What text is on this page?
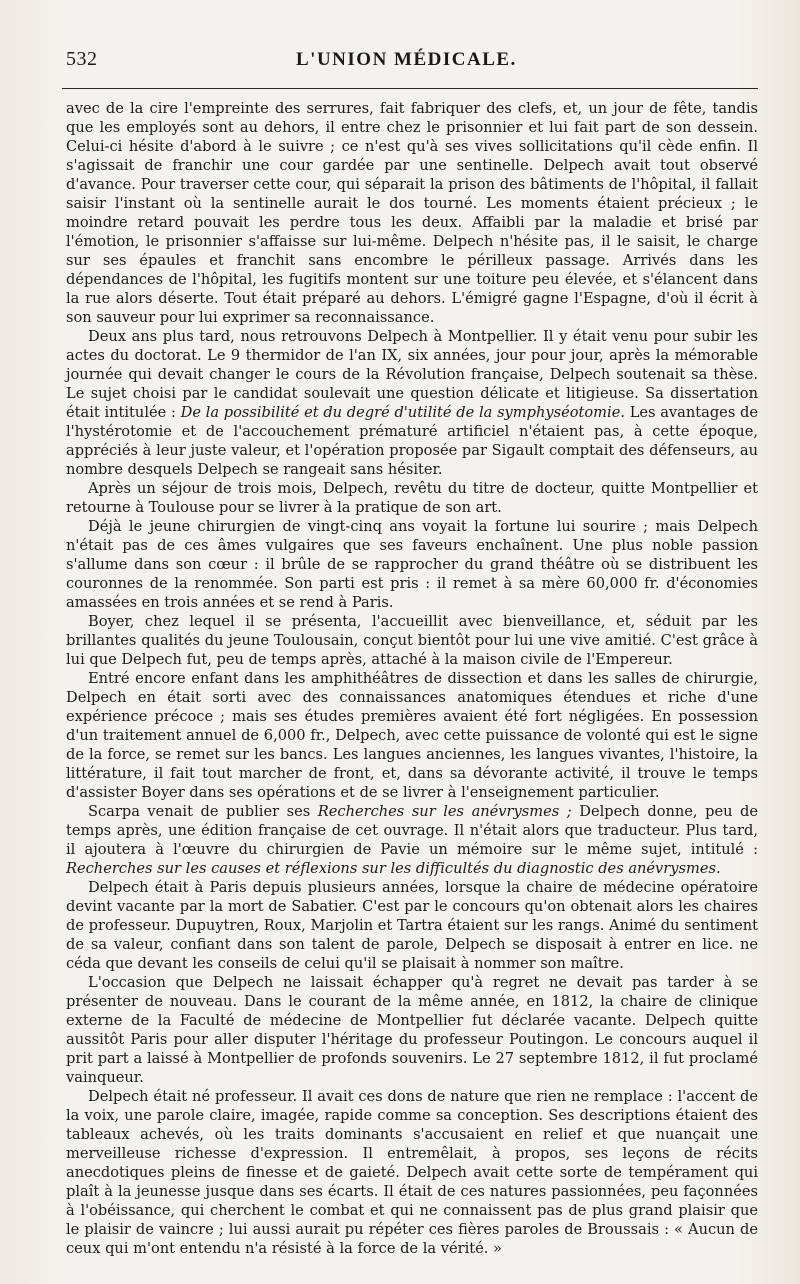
532	L'UNION MÉDICALE.

avec de la cire l'empreinte des serrures, fait fabriquer des clefs, et, un jour de fête, tandis que les employés sont au dehors, il entre chez le prisonnier et lui fait part de son dessein. Celui-ci hésite d'abord à le suivre ; ce n'est qu'à ses vives sollicitations qu'il cède enfin. Il s'agissait de franchir une cour gardée par une sentinelle. Delpech avait tout observé d'avance. Pour traverser cette cour, qui séparait la prison des bâtiments de l'hôpital, il fallait saisir l'instant où la sentinelle aurait le dos tourné. Les moments étaient précieux ; le moindre retard pouvait les perdre tous les deux. Affaibli par la maladie et brisé par l'émotion, le prisonnier s'affaisse sur lui-même. Delpech n'hésite pas, il le saisit, le charge sur ses épaules et franchit sans encombre le périlleux passage. Arrivés dans les dépendances de l'hôpital, les fugitifs montent sur une toiture peu élevée, et s'élancent dans la rue alors déserte. Tout était préparé au dehors. L'émigré gagne l'Espagne, d'où il écrit à son sauveur pour lui exprimer sa reconnaissance.

Deux ans plus tard, nous retrouvons Delpech à Montpellier. Il y était venu pour subir les actes du doctorat. Le 9 thermidor de l'an IX, six années, jour pour jour, après la mémorable journée qui devait changer le cours de la Révolution française, Delpech soutenait sa thèse. Le sujet choisi par le candidat soulevait une question délicate et litigieuse. Sa dissertation était intitulée : De la possibilité et du degré d'utilité de la symphyséotomie. Les avantages de l'hystérotomie et de l'accouchement prématuré artificiel n'étaient pas, à cette époque, appréciés à leur juste valeur, et l'opération proposée par Sigault comptait des défenseurs, au nombre desquels Delpech se rangeait sans hésiter.

Après un séjour de trois mois, Delpech, revêtu du titre de docteur, quitte Montpellier et retourne à Toulouse pour se livrer à la pratique de son art.

Déjà le jeune chirurgien de vingt-cinq ans voyait la fortune lui sourire ; mais Delpech n'était pas de ces âmes vulgaires que ses faveurs enchaînent. Une plus noble passion s'allume dans son cœur : il brûle de se rapprocher du grand théâtre où se distribuent les couronnes de la renommée. Son parti est pris : il remet à sa mère 60,000 fr. d'économies amassées en trois années et se rend à Paris.

Boyer, chez lequel il se présenta, l'accueillit avec bienveillance, et, séduit par les brillantes qualités du jeune Toulousain, conçut bientôt pour lui une vive amitié. C'est grâce à lui que Delpech fut, peu de temps après, attaché à la maison civile de l'Empereur.

Entré encore enfant dans les amphithéâtres de dissection et dans les salles de chirurgie, Delpech en était sorti avec des connaissances anatomiques étendues et riche d'une expérience précoce ; mais ses études premières avaient été fort négligées. En possession d'un traitement annuel de 6,000 fr., Delpech, avec cette puissance de volonté qui est le signe de la force, se remet sur les bancs. Les langues anciennes, les langues vivantes, l'histoire, la littérature, il fait tout marcher de front, et, dans sa dévorante activité, il trouve le temps d'assister Boyer dans ses opérations et de se livrer à l'enseignement particulier.

Scarpa venait de publier ses Recherches sur les anévrysmes ; Delpech donne, peu de temps après, une édition française de cet ouvrage. Il n'était alors que traducteur. Plus tard, il ajoutera à l'œuvre du chirurgien de Pavie un mémoire sur le même sujet, intitulé : Recherches sur les causes et réflexions sur les difficultés du diagnostic des anévrysmes.

Delpech était à Paris depuis plusieurs années, lorsque la chaire de médecine opératoire devint vacante par la mort de Sabatier. C'est par le concours qu'on obtenait alors les chaires de professeur. Dupuytren, Roux, Marjolin et Tartra étaient sur les rangs. Animé du sentiment de sa valeur, confiant dans son talent de parole, Delpech se disposait à entrer en lice. ne céda que devant les conseils de celui qu'il se plaisait à nommer son maître.

L'occasion que Delpech ne laissait échapper qu'à regret ne devait pas tarder à se présenter de nouveau. Dans le courant de la même année, en 1812, la chaire de clinique externe de la Faculté de médecine de Montpellier fut déclarée vacante. Delpech quitte aussitôt Paris pour aller disputer l'héritage du professeur Poutingon. Le concours auquel il prit part a laissé à Montpellier de profonds souvenirs. Le 27 septembre 1812, il fut proclamé vainqueur.

Delpech était né professeur. Il avait ces dons de nature que rien ne remplace : l'accent de la voix, une parole claire, imagée, rapide comme sa conception. Ses descriptions étaient des tableaux achevés, où les traits dominants s'accusaient en relief et que nuançait une merveilleuse richesse d'expression. Il entremêlait, à propos, ses leçons de récits anecdotiques pleins de finesse et de gaieté. Delpech avait cette sorte de tempérament qui plaît à la jeunesse jusque dans ses écarts. Il était de ces natures passionnées, peu façonnées à l'obéissance, qui cherchent le combat et qui ne connaissent pas de plus grand plaisir que le plaisir de vaincre ; lui aussi aurait pu répéter ces fières paroles de Broussais : « Aucun de ceux qui m'ont entendu n'a résisté à la force de la vérité. »
